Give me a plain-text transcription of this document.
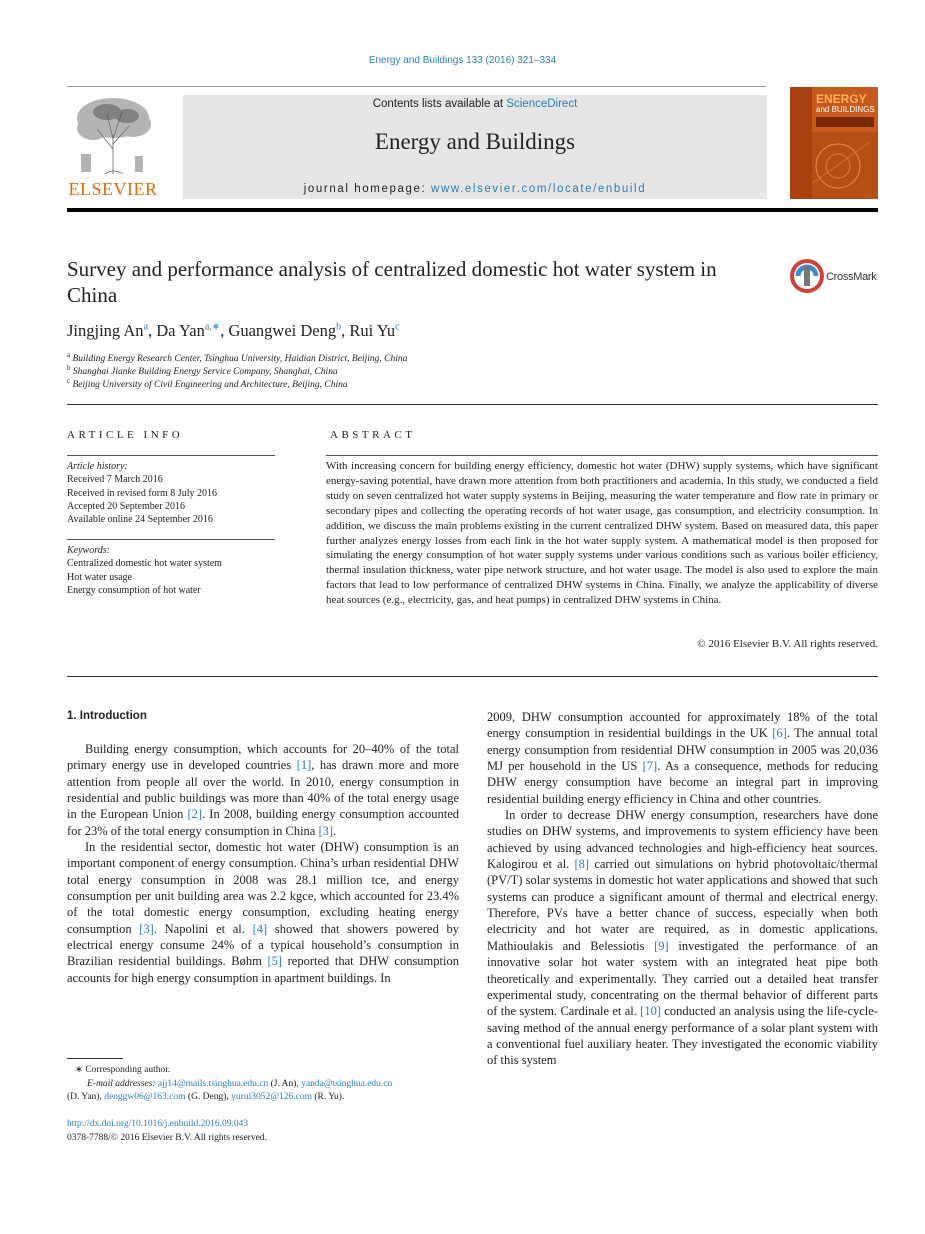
Energy and Buildings 133 (2016) 321–334
ELSEVIER
Contents lists available at ScienceDirect
Energy and Buildings
journal homepage: www.elsevier.com/locate/enbuild
ENERGY
and BUILDINGS
Survey and performance analysis of centralized domestic hot water system in China
CrossMark
Jingjing An$^a$, Da Yan$^{a,∗}$, Guangwei Deng$^b$, Rui Yu$^c$
$^a$ Building Energy Research Center, Tsinghua University, Haidian District, Beijing, China
$^b$ Shanghai Jianke Building Energy Service Company, Shanghai, China
$^c$ Beijing University of Civil Engineering and Architecture, Beijing, China
ARTICLE INFO
Article history:
Received 7 March 2016
Received in revised form 8 July 2016
Accepted 20 September 2016
Available online 24 September 2016
Keywords:
Centralized domestic hot water system
Hot water usage
Energy consumption of hot water
ABSTRACT
With increasing concern for building energy efficiency, domestic hot water (DHW) supply systems, which have significant energy-saving potential, have drawn more attention from both practitioners and academia. In this study, we conducted a field study on seven centralized hot water supply systems in Beijing, measuring the water temperature and flow rate in primary or secondary pipes and collecting the operating records of hot water usage, gas consumption, and electricity consumption. In addition, we discuss the main problems existing in the current centralized DHW system. Based on measured data, this paper further analyzes energy losses from each link in the hot water supply system. A mathematical model is then proposed for simulating the energy consumption of hot water supply systems under various conditions such as various boiler efficiency, thermal insulation thickness, water pipe network structure, and hot water usage. The model is also used to explore the main factors that lead to low performance of centralized DHW systems in China. Finally, we analyze the applicability of diverse heat sources (e.g., electricity, gas, and heat pumps) in centralized DHW systems in China.
© 2016 Elsevier B.V. All rights reserved.
1. Introduction

Building energy consumption, which accounts for 20–40% of the total primary energy use in developed countries [1], has drawn more and more attention from people all over the world. In 2010, energy consumption in residential and public buildings was more than 40% of the total energy usage in the European Union [2]. In 2008, building energy consumption accounted for 23% of the total energy consumption in China [3].

In the residential sector, domestic hot water (DHW) consumption is an important component of energy consumption. China’s urban residential DHW total energy consumption in 2008 was 28.1 million tce, and energy consumption per unit building area was 2.2 kgce, which accounted for 23.4% of the total domestic energy consumption, excluding heating energy consumption [3]. Napolini et al. [4] showed that showers powered by electrical energy consume 24% of a typical household’s consumption in Brazilian residential buildings. Bøhm [5] reported that DHW consumption accounts for high energy consumption in apartment buildings. In

2009, DHW consumption accounted for approximately 18% of the total energy consumption in residential buildings in the UK [6]. The annual total energy consumption from residential DHW consumption in 2005 was 20,036 MJ per household in the US [7]. As a consequence, methods for reducing DHW energy consumption have become an integral part in improving residential building energy efficiency in China and other countries.

In order to decrease DHW energy consumption, researchers have done studies on DHW systems, and improvements to system efficiency have been achieved by using advanced technologies and high-efficiency heat sources. Kalogirou et al. [8] carried out simulations on hybrid photovoltaic/thermal (PV/T) solar systems in domestic hot water applications and showed that such systems can produce a significant amount of thermal and electrical energy. Therefore, PVs have a better chance of success, especially when both electricity and hot water are required, as in domestic applications. Mathioulakis and Belessiotis [9] investigated the performance of an innovative solar hot water system with an integrated heat pipe both theoretically and experimentally. They carried out a detailed heat transfer experimental study, concentrating on the thermal behavior of different parts of the system. Cardinale et al. [10] conducted an analysis using the life-cycle-saving method of the annual energy performance of a solar plant system with a conventional fuel auxiliary heater. They investigated the economic viability of this system

∗ Corresponding author.
E-mail addresses: ajj14@mails.tsinghua.edu.cn (J. An), yanda@tsinghua.edu.cn
(D. Yan), denggw06@163.com (G. Deng), yurui3052@126.com (R. Yu).
http://dx.doi.org/10.1016/j.enbuild.2016.09.043
0378-7788/© 2016 Elsevier B.V. All rights reserved.
